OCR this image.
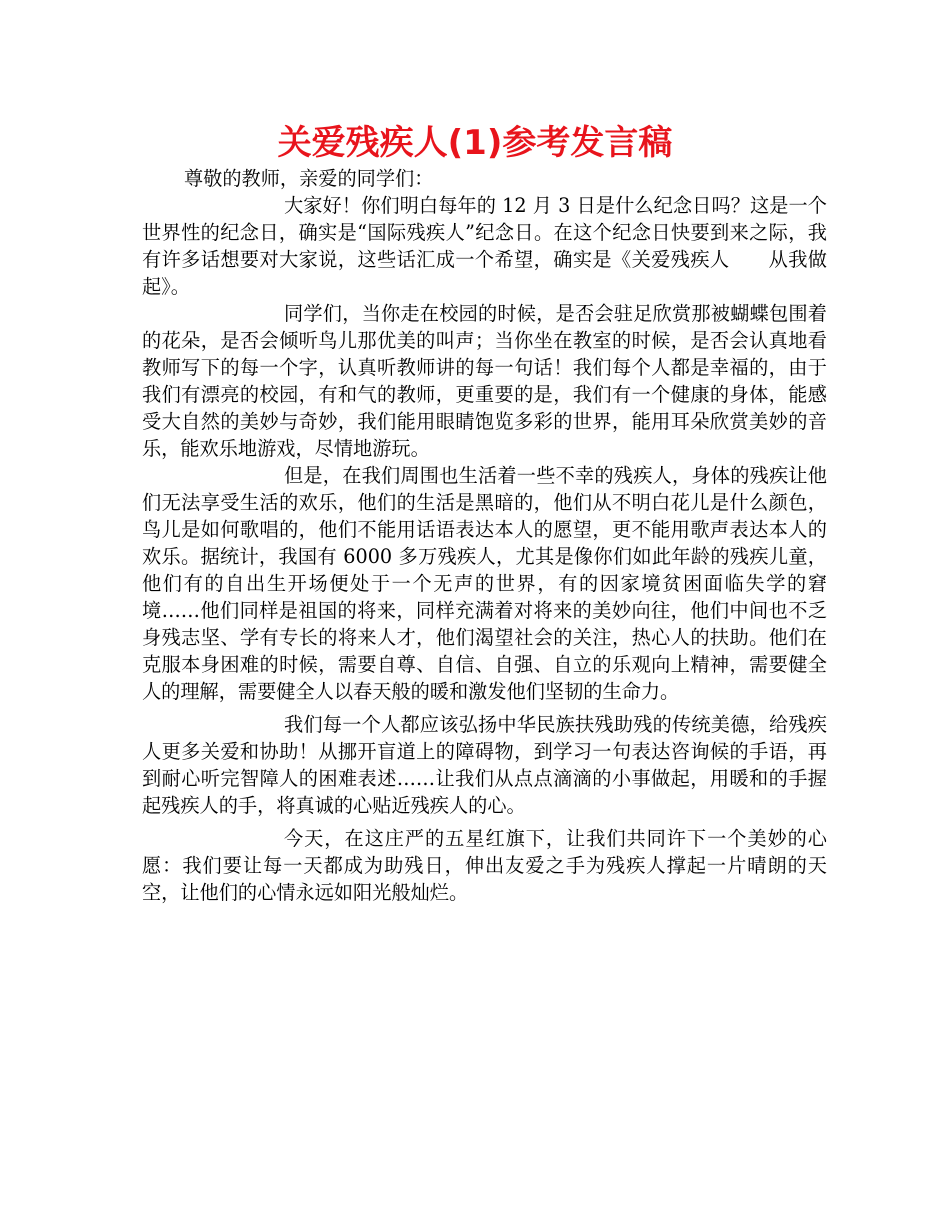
关爱残疾人(1)参考发言稿

尊敬的教师，亲爱的同学们：

大家好！你们明白每年的 12 月 3 日是什么纪念日吗？这是一个世界性的纪念日，确实是“国际残疾人”纪念日。在这个纪念日快要到来之际，我有许多话想要对大家说，这些话汇成一个希望，确实是《关爱残疾人　　从我做起》。

同学们，当你走在校园的时候，是否会驻足欣赏那被蝴蝶包围着的花朵，是否会倾听鸟儿那优美的叫声；当你坐在教室的时候，是否会认真地看教师写下的每一个字，认真听教师讲的每一句话！我们每个人都是幸福的，由于我们有漂亮的校园，有和气的教师，更重要的是，我们有一个健康的身体，能感受大自然的美妙与奇妙，我们能用眼睛饱览多彩的世界，能用耳朵欣赏美妙的音乐，能欢乐地游戏，尽情地游玩。

但是，在我们周围也生活着一些不幸的残疾人，身体的残疾让他们无法享受生活的欢乐，他们的生活是黑暗的，他们从不明白花儿是什么颜色，鸟儿是如何歌唱的，他们不能用话语表达本人的愿望，更不能用歌声表达本人的欢乐。据统计，我国有 6000 多万残疾人，尤其是像你们如此年龄的残疾儿童，他们有的自出生开场便处于一个无声的世界，有的因家境贫困面临失学的窘境……他们同样是祖国的将来，同样充满着对将来的美妙向往，他们中间也不乏身残志坚、学有专长的将来人才，他们渴望社会的关注，热心人的扶助。他们在克服本身困难的时候，需要自尊、自信、自强、自立的乐观向上精神，需要健全人的理解，需要健全人以春天般的暖和激发他们坚韧的生命力。

我们每一个人都应该弘扬中华民族扶残助残的传统美德，给残疾人更多关爱和协助！从挪开盲道上的障碍物，到学习一句表达咨询候的手语，再到耐心听完智障人的困难表述……让我们从点点滴滴的小事做起，用暖和的手握起残疾人的手，将真诚的心贴近残疾人的心。

今天，在这庄严的五星红旗下，让我们共同许下一个美妙的心愿：我们要让每一天都成为助残日，伸出友爱之手为残疾人撑起一片晴朗的天空，让他们的心情永远如阳光般灿烂。
